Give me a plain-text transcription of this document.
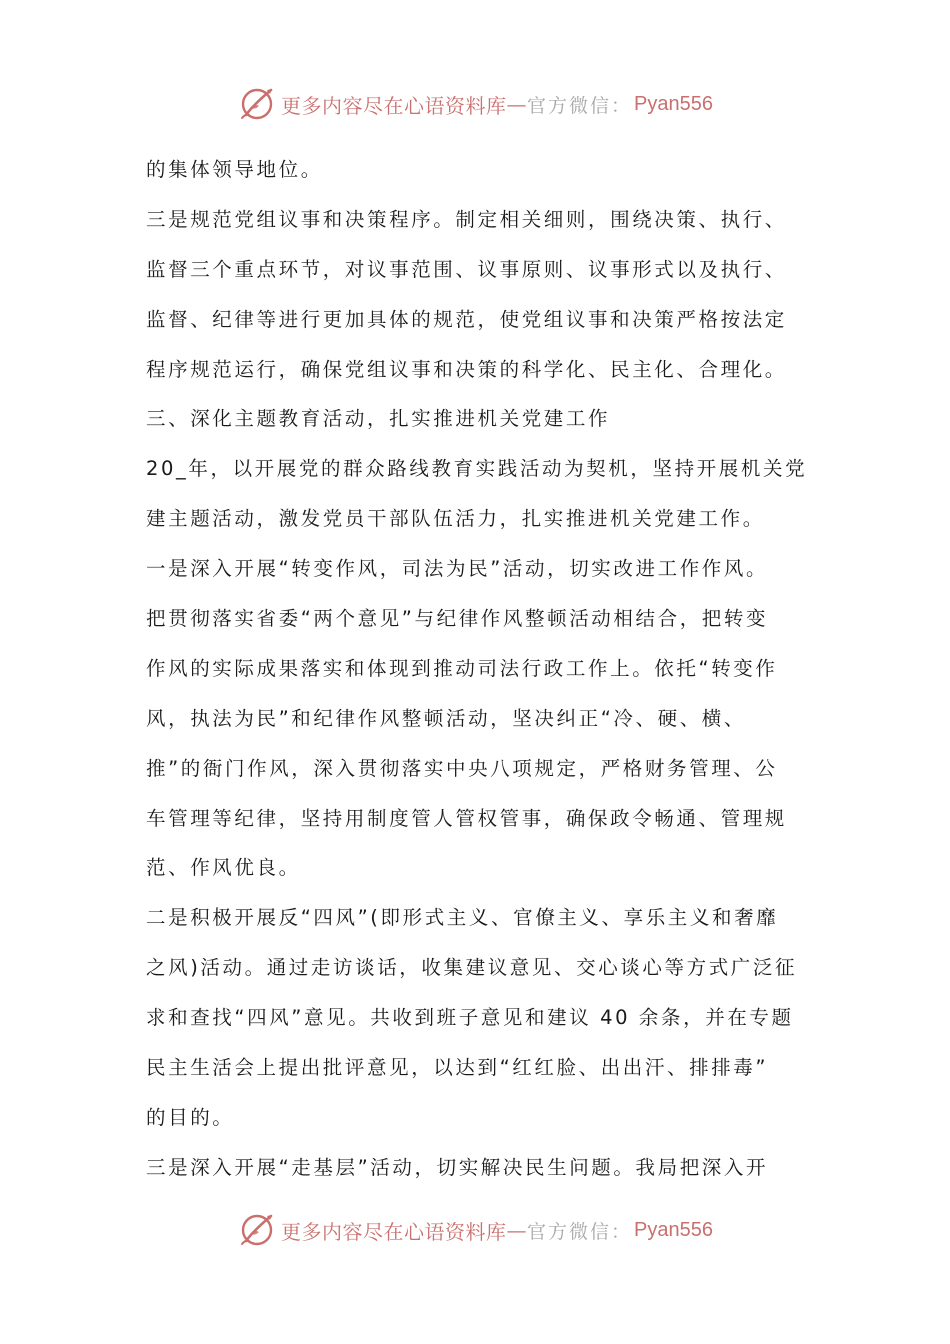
更多内容尽在心语资料库 — 官方微信： Pyan556
的集体领导地位。
三是规范党组议事和决策程序。制定相关细则，围绕决策、执行、
监督三个重点环节，对议事范围、议事原则、议事形式以及执行、
监督、纪律等进行更加具体的规范，使党组议事和决策严格按法定
程序规范运行，确保党组议事和决策的科学化、民主化、合理化。
三、深化主题教育活动，扎实推进机关党建工作
20_年，以开展党的群众路线教育实践活动为契机，坚持开展机关党
建主题活动，激发党员干部队伍活力，扎实推进机关党建工作。
一是深入开展“转变作风，司法为民”活动，切实改进工作作风。
把贯彻落实省委“两个意见”与纪律作风整顿活动相结合，把转变
作风的实际成果落实和体现到推动司法行政工作上。依托“转变作
风，执法为民”和纪律作风整顿活动，坚决纠正“冷、硬、横、
推”的衙门作风，深入贯彻落实中央八项规定，严格财务管理、公
车管理等纪律，坚持用制度管人管权管事，确保政令畅通、管理规
范、作风优良。
二是积极开展反“四风”(即形式主义、官僚主义、享乐主义和奢靡
之风)活动。通过走访谈话，收集建议意见、交心谈心等方式广泛征
求和查找“四风”意见。共收到班子意见和建议 40 余条，并在专题
民主生活会上提出批评意见，以达到“红红脸、出出汗、排排毒”
的目的。
三是深入开展“走基层”活动，切实解决民生问题。我局把深入开
更多内容尽在心语资料库 — 官方微信： Pyan556
